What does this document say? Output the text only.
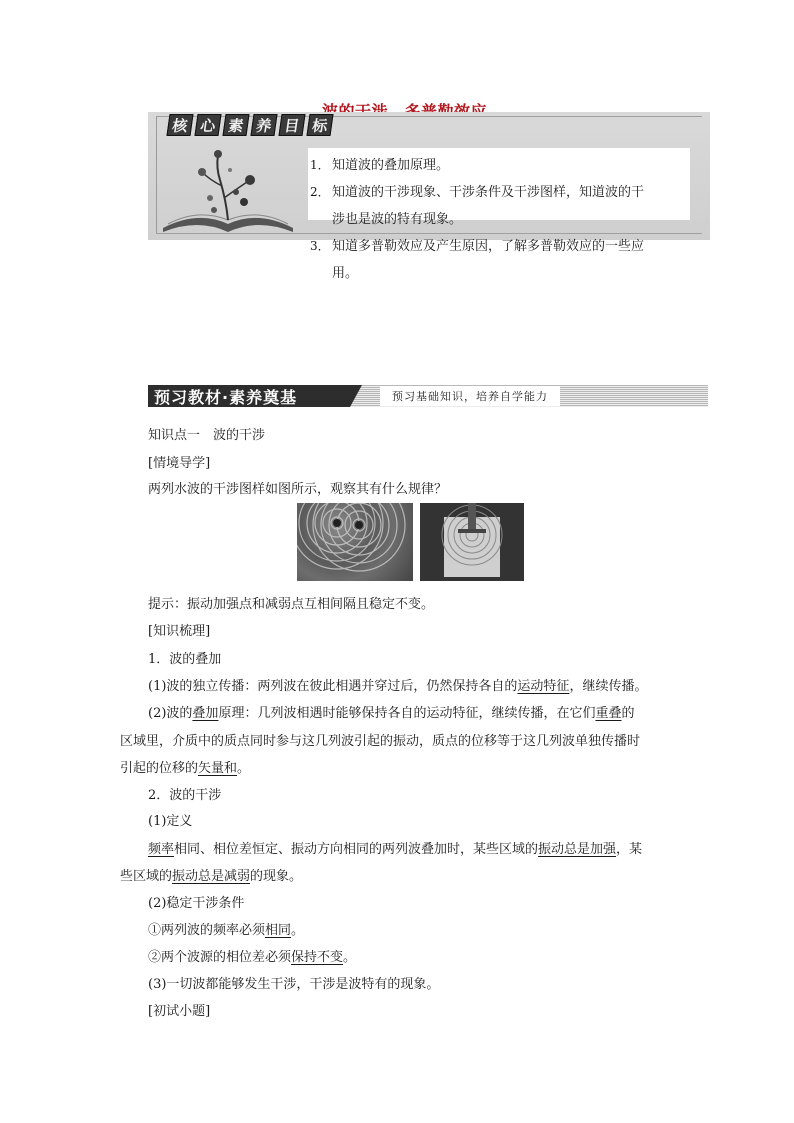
核 心 素 养 目 标
1． 知道波的叠加原理。
2． 知道波的干涉现象、干涉条件及干涉图样，知道波的干
涉也是波的特有现象。
3． 知道多普勒效应及产生原因，了解多普勒效应的一些应
用。
预习教材·素养奠基	预习基础知识，培养自学能力
知识点一　波的干涉
[情境导学]
两列水波的干涉图样如图所示，观察其有什么规律？
提示：振动加强点和减弱点互相间隔且稳定不变。
[知识梳理]
1．波的叠加
(1)波的独立传播：两列波在彼此相遇并穿过后，仍然保持各自的运动特征，继续传播。
(2)波的叠加原理：几列波相遇时能够保持各自的运动特征，继续传播，在它们重叠的
区域里，介质中的质点同时参与这几列波引起的振动，质点的位移等于这几列波单独传播时
引起的位移的矢量和。
2．波的干涉
(1)定义
频率相同、相位差恒定、振动方向相同的两列波叠加时，某些区域的振动总是加强，某
些区域的振动总是减弱的现象。
(2)稳定干涉条件
①两列波的频率必须相同。
②两个波源的相位差必须保持不变。
(3)一切波都能够发生干涉，干涉是波特有的现象。
[初试小题]
